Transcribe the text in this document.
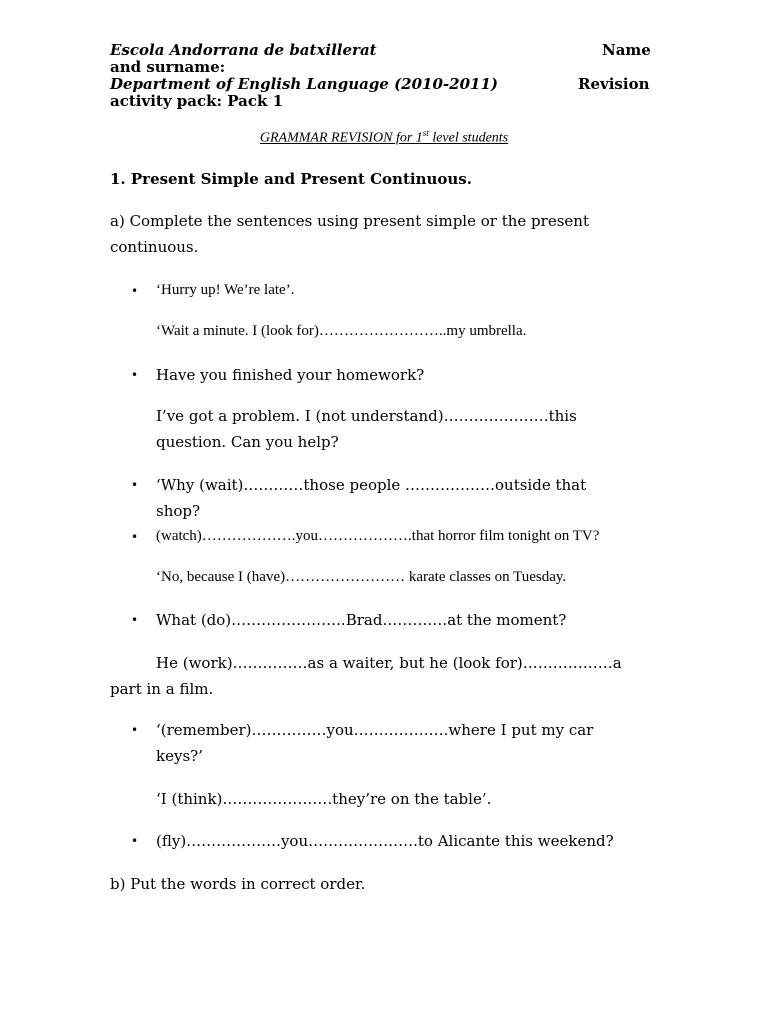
Escola Andorrana de batxillerat	Name
and surname:
Department of English Language (2010-2011)	Revision
activity pack: Pack 1
GRAMMAR REVISION for 1st level students
1. Present Simple and Present Continuous.
a) Complete the sentences using present simple or the present
continuous.
• ‘Hurry up! We’re late’.
‘Wait a minute. I (look for)……………………..my umbrella.
• Have you finished your homework?
I’ve got a problem. I (not understand)…………………this
question. Can you help?
• ‘Why (wait)…………those people ………………outside that
shop?
• (watch)……………….you……………….that horror film tonight on TV?
‘No, because I (have)…………………… karate classes on Tuesday.
• What (do)…………………..Brad………….at the moment?
He (work)……………as a waiter, but he (look for)………………a
part in a film.
• ‘(remember)……………you……………….where I put my car
keys?’
‘I (think)………………….they’re on the table’.
• (fly)……………….you………………….to Alicante this weekend?
b) Put the words in correct order.
